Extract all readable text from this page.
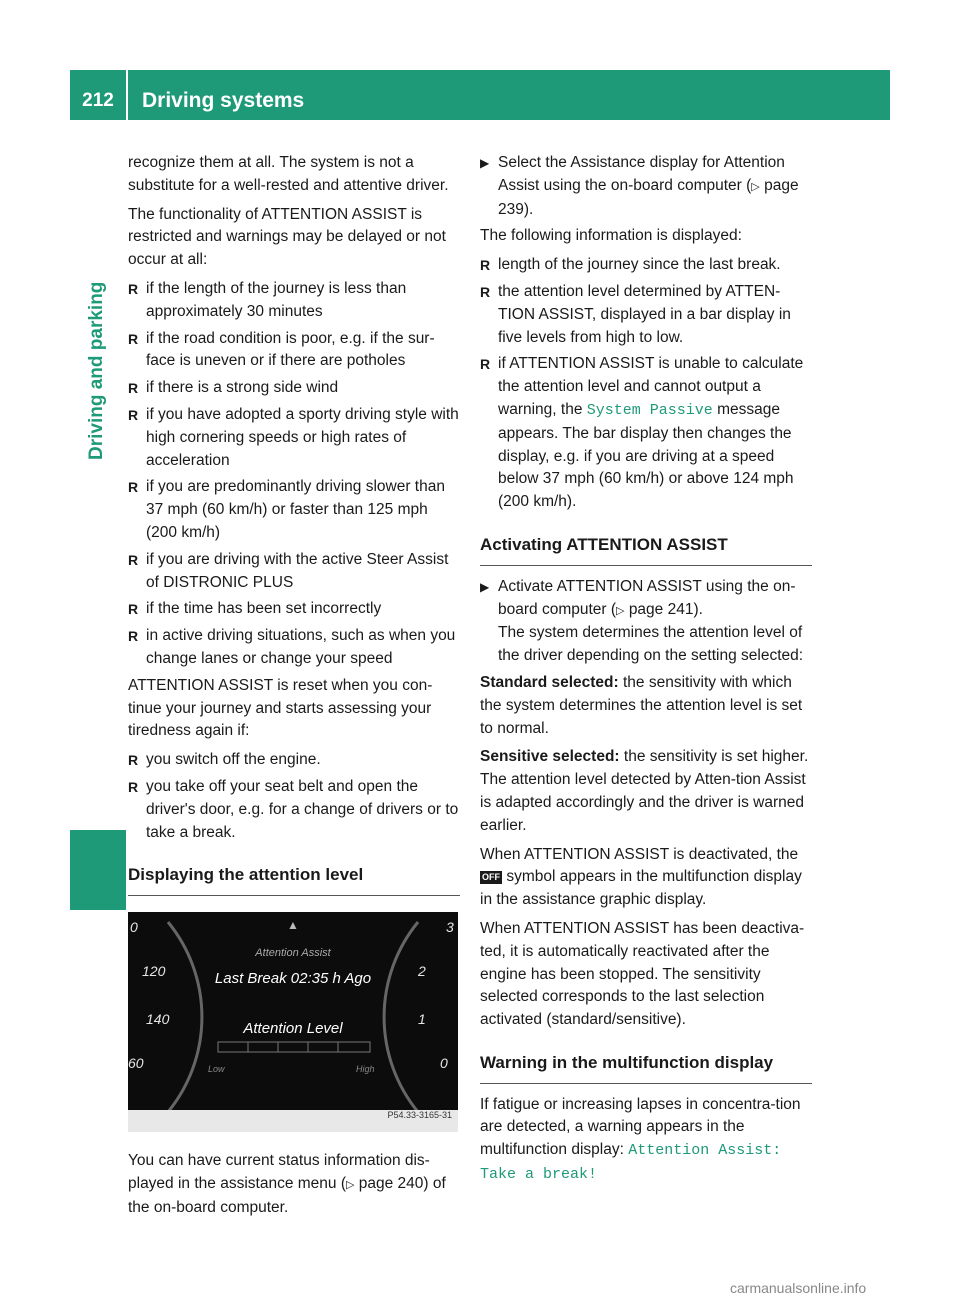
212	Driving systems
Driving and parking

recognize them at all. The system is not a substitute for a well-rested and attentive driver.

The functionality of ATTENTION ASSIST is restricted and warnings may be delayed or not occur at all:

R if the length of the journey is less than approximately 30 minutes
R if the road condition is poor, e.g. if the sur-face is uneven or if there are potholes
R if there is a strong side wind
R if you have adopted a sporty driving style with high cornering speeds or high rates of acceleration
R if you are predominantly driving slower than 37 mph (60 km/h) or faster than 125 mph (200 km/h)
R if you are driving with the active Steer Assist of DISTRONIC PLUS
R if the time has been set incorrectly
R in active driving situations, such as when you change lanes or change your speed

ATTENTION ASSIST is reset when you con-tinue your journey and starts assessing your tiredness again if:

R you switch off the engine.
R you take off your seat belt and open the driver's door, e.g. for a change of drivers or to take a break.
Displaying the attention level
▲
Attention Assist
Last Break 02:35 h Ago
Attention Level
Low	High
0
120
140
60
3
2
1
0
P54.33-3165-31

You can have current status information dis-played in the assistance menu (▷ page 240) of the on-board computer.

▶ Select the Assistance display for Attention Assist using the on-board computer (▷ page 239).

The following information is displayed:

R length of the journey since the last break.
R the attention level determined by ATTEN-TION ASSIST, displayed in a bar display in five levels from high to low.
R if ATTENTION ASSIST is unable to calculate the attention level and cannot output a warning, the System Passive message appears. The bar display then changes the display, e.g. if you are driving at a speed below 37 mph (60 km/h) or above 124 mph (200 km/h).
Activating ATTENTION ASSIST
▶ Activate ATTENTION ASSIST using the on-board computer (▷ page 241).
The system determines the attention level of the driver depending on the setting selected:

Standard selected: the sensitivity with which the system determines the attention level is set to normal.

Sensitive selected: the sensitivity is set higher. The attention level detected by Atten-tion Assist is adapted accordingly and the driver is warned earlier.

When ATTENTION ASSIST is deactivated, the OFF symbol appears in the multifunction display in the assistance graphic display.

When ATTENTION ASSIST has been deactiva-ted, it is automatically reactivated after the engine has been stopped. The sensitivity selected corresponds to the last selection activated (standard/sensitive).

Warning in the multifunction display

If fatigue or increasing lapses in concentra-tion are detected, a warning appears in the multifunction display: Attention Assist: Take a break!

carmanualsonline.info
